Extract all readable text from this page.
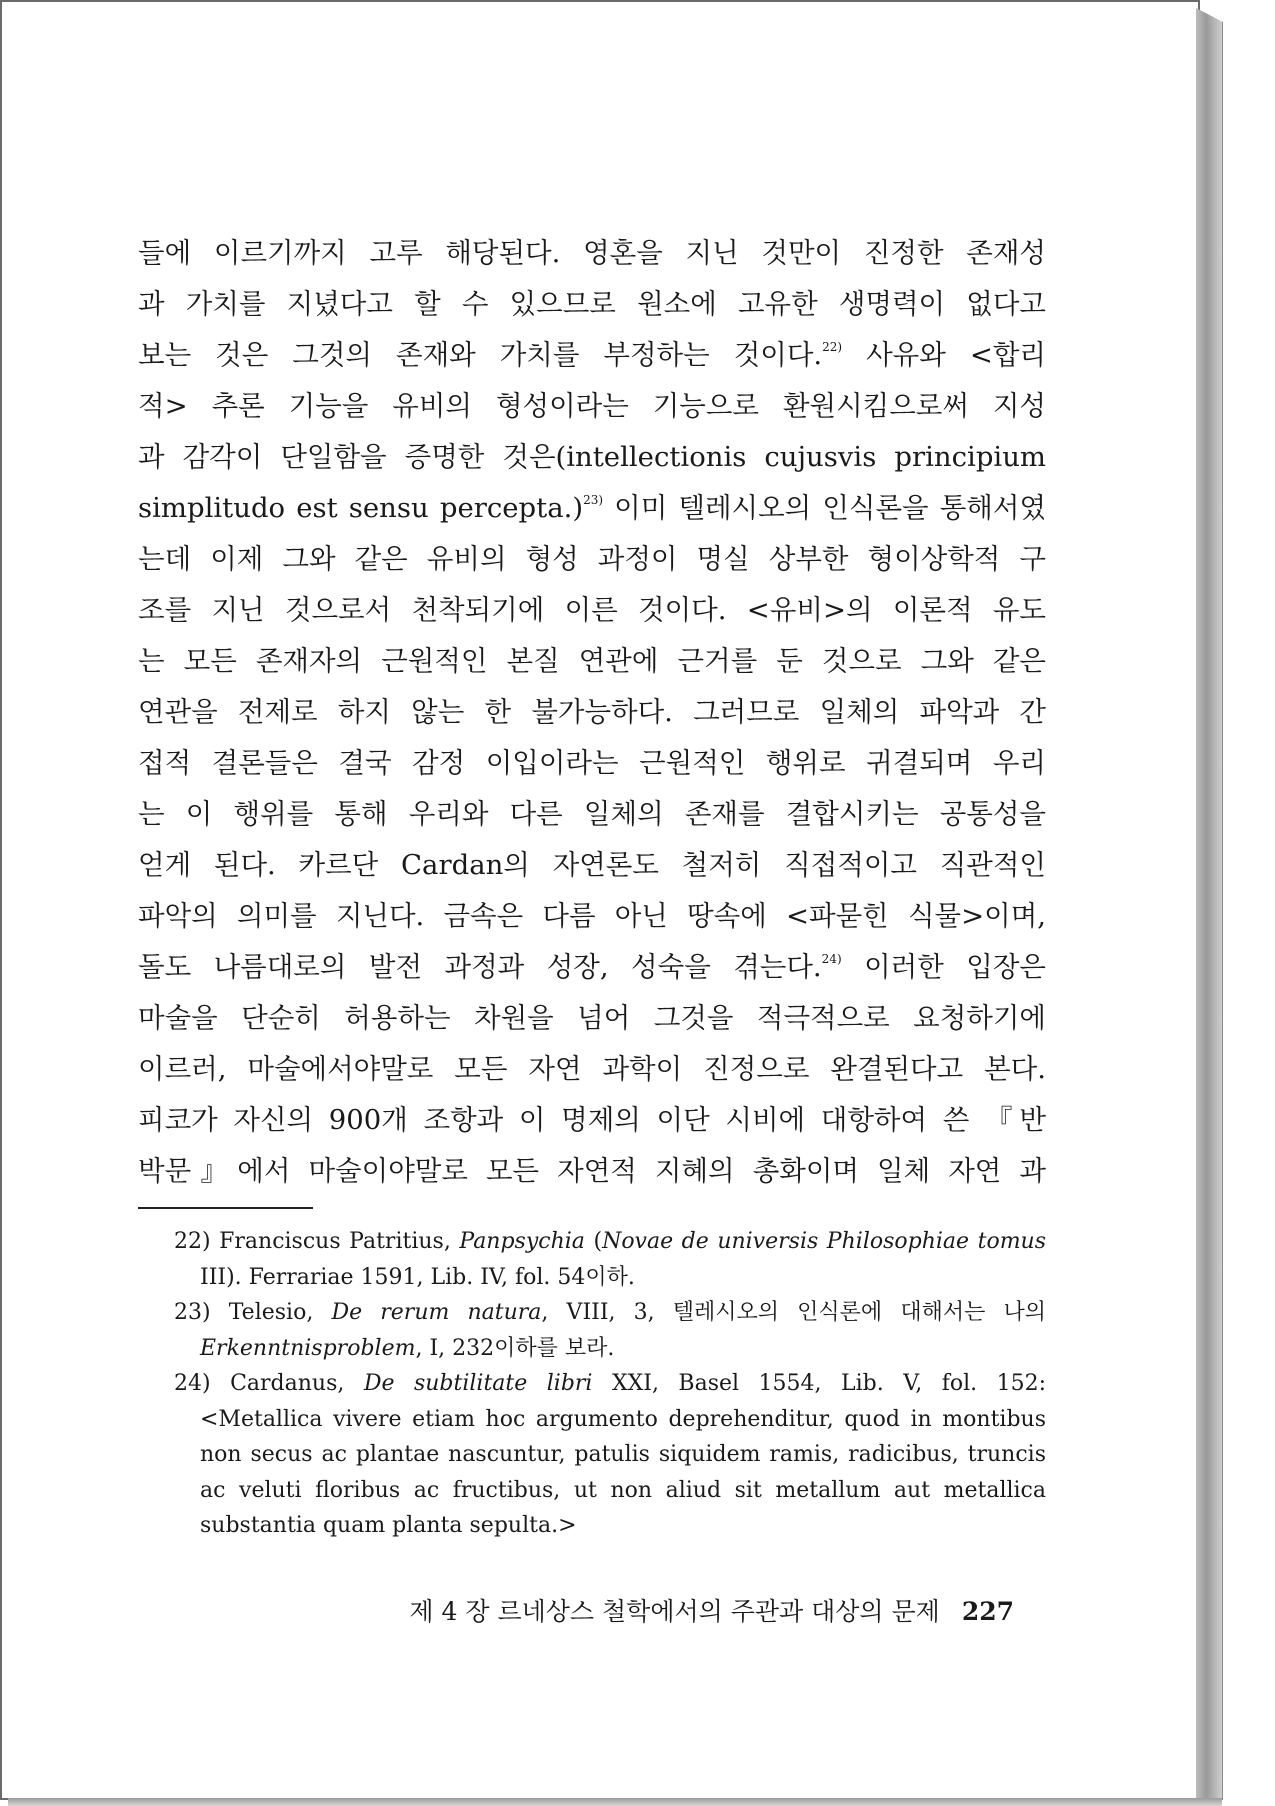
들에 이르기까지 고루 해당된다. 영혼을 지닌 것만이 진정한 존재성
과 가치를 지녔다고 할 수 있으므로 원소에 고유한 생명력이 없다고
보는 것은 그것의 존재와 가치를 부정하는 것이다.$^{22)}$ 사유와 <합리
적> 추론 기능을 유비의 형성이라는 기능으로 환원시킴으로써 지성
과 감각이 단일함을 증명한 것은(intellectionis cujusvis principium
simplitudo est sensu percepta.)$^{23)}$ 이미 텔레시오의 인식론을 통해서였
는데 이제 그와 같은 유비의 형성 과정이 명실 상부한 형이상학적 구
조를 지닌 것으로서 천착되기에 이른 것이다. <유비>의 이론적 유도
는 모든 존재자의 근원적인 본질 연관에 근거를 둔 것으로 그와 같은
연관을 전제로 하지 않는 한 불가능하다. 그러므로 일체의 파악과 간
접적 결론들은 결국 감정 이입이라는 근원적인 행위로 귀결되며 우리
는 이 행위를 통해 우리와 다른 일체의 존재를 결합시키는 공통성을
얻게 된다. 카르단 Cardan의 자연론도 철저히 직접적이고 직관적인
파악의 의미를 지닌다. 금속은 다름 아닌 땅속에 <파묻힌 식물>이며,
돌도 나름대로의 발전 과정과 성장, 성숙을 겪는다.$^{24)}$ 이러한 입장은
마술을 단순히 허용하는 차원을 넘어 그것을 적극적으로 요청하기에
이르러, 마술에서야말로 모든 자연 과학이 진정으로 완결된다고 본다.
피코가 자신의 900개 조항과 이 명제의 이단 시비에 대항하여 쓴 『반
박문』에서 마술이야말로 모든 자연적 지혜의 총화이며 일체 자연 과
22) Franciscus Patritius, Panpsychia (Novae de universis Philosophiae tomus
III). Ferrariae 1591, Lib. IV, fol. 54이하.
23) Telesio, De rerum natura, VIII, 3, 텔레시오의 인식론에 대해서는 나의
Erkenntnisproblem, I, 232이하를 보라.
24) Cardanus, De subtilitate libri XXI, Basel 1554, Lib. V, fol. 152:
<Metallica vivere etiam hoc argumento deprehenditur, quod in montibus
non secus ac plantae nascuntur, patulis siquidem ramis, radicibus, truncis
ac veluti floribus ac fructibus, ut non aliud sit metallum aut metallica
substantia quam planta sepulta.>
제 4 장 르네상스 철학에서의 주관과 대상의 문제 227
